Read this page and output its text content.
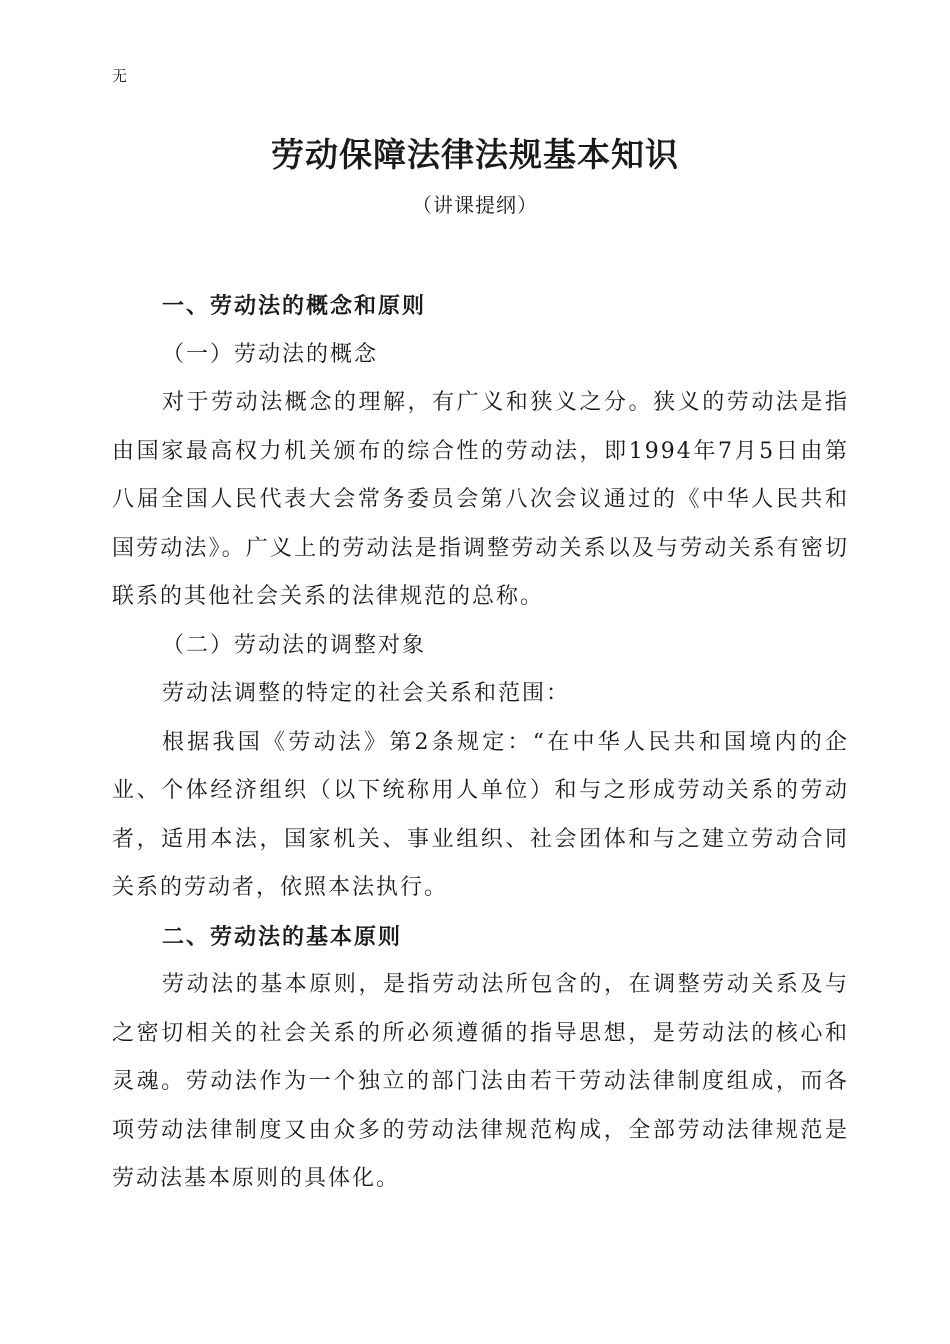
无
劳动保障法律法规基本知识
（讲课提纲）

一、劳动法的概念和原则

（一）劳动法的概念

对于劳动法概念的理解，有广义和狭义之分。狭义的劳动法是指由国家最高权力机关颁布的综合性的劳动法，即1994年7月5日由第八届全国人民代表大会常务委员会第八次会议通过的《中华人民共和国劳动法》。广义上的劳动法是指调整劳动关系以及与劳动关系有密切联系的其他社会关系的法律规范的总称。

（二）劳动法的调整对象

劳动法调整的特定的社会关系和范围：

根据我国《劳动法》第2条规定：“在中华人民共和国境内的企业、个体经济组织（以下统称用人单位）和与之形成劳动关系的劳动者，适用本法，国家机关、事业组织、社会团体和与之建立劳动合同关系的劳动者，依照本法执行。

二、劳动法的基本原则

劳动法的基本原则，是指劳动法所包含的，在调整劳动关系及与之密切相关的社会关系的所必须遵循的指导思想，是劳动法的核心和灵魂。劳动法作为一个独立的部门法由若干劳动法律制度组成，而各项劳动法律制度又由众多的劳动法律规范构成，全部劳动法律规范是劳动法基本原则的具体化。
